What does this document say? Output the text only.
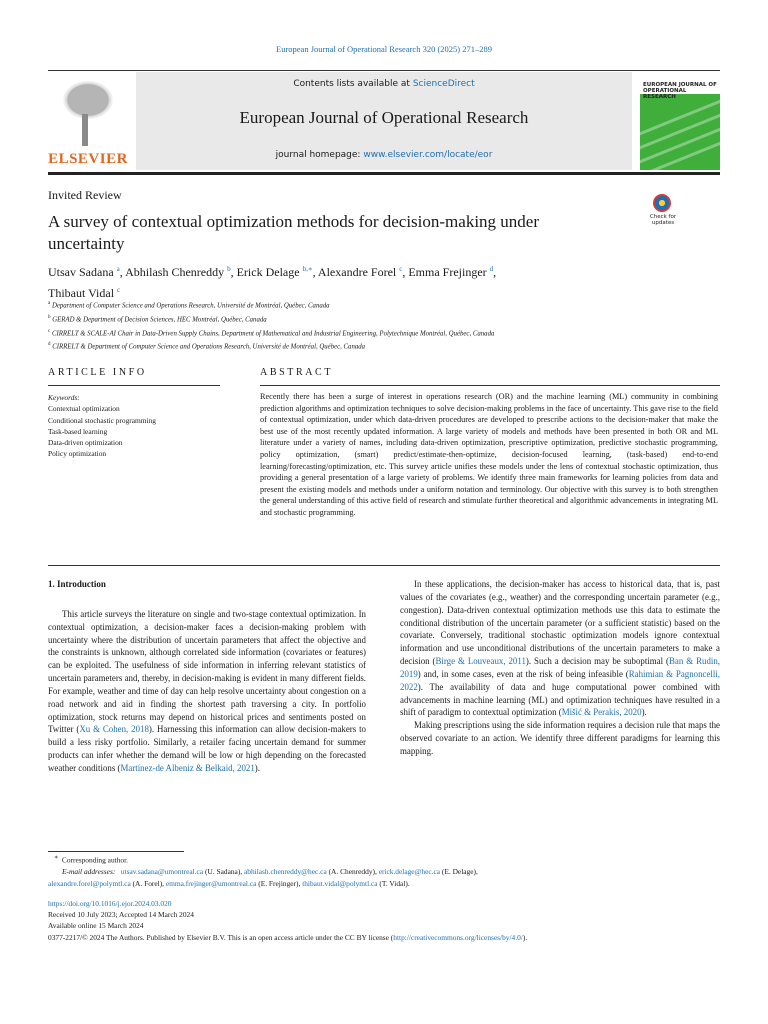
European Journal of Operational Research 320 (2025) 271–289
ELSEVIER
Contents lists available at ScienceDirect
European Journal of Operational Research
journal homepage: www.elsevier.com/locate/eor
EUROPEAN JOURNAL OF OPERATIONAL RESEARCH
Invited Review
A survey of contextual optimization methods for decision-making under uncertainty
Check for updates
Utsav Sadana $^a$, Abhilash Chenreddy $^b$, Erick Delage $^{b,∗}$, Alexandre Forel $^c$, Emma Frejinger $^d$,
Thibaut Vidal $^c$
$^a$ Department of Computer Science and Operations Research, Université de Montréal, Québec, Canada
$^b$ GERAD & Department of Decision Sciences, HEC Montréal, Québec, Canada
$^c$ CIRRELT & SCALE-AI Chair in Data-Driven Supply Chains, Department of Mathematical and Industrial Engineering, Polytechnique Montréal, Québec, Canada
$^d$ CIRRELT & Department of Computer Science and Operations Research, Université de Montréal, Québec, Canada
ARTICLE INFO	ABSTRACT
Keywords:
Contextual optimization
Conditional stochastic programming
Task-based learning
Data-driven optimization
Policy optimization
Recently there has been a surge of interest in operations research (OR) and the machine learning (ML) community in combining prediction algorithms and optimization techniques to solve decision-making problems in the face of uncertainty. This gave rise to the field of contextual optimization, under which data-driven procedures are developed to prescribe actions to the decision-maker that make the best use of the most recently updated information. A large variety of models and methods have been presented in both OR and ML literature under a variety of names, including data-driven optimization, prescriptive optimization, predictive stochastic programming, policy optimization, (smart) predict/estimate-then-optimize, decision-focused learning, (task-based) end-to-end learning/forecasting/optimization, etc. This survey article unifies these models under the lens of contextual stochastic optimization, thus providing a general presentation of a large variety of problems. We identify three main frameworks for learning policies from data and present the existing models and methods under a uniform notation and terminology. Our objective with this survey is to both strengthen the general understanding of this active field of research and stimulate further theoretical and algorithmic advancements in integrating ML and stochastic programming.

1. Introduction

This article surveys the literature on single and two-stage contextual optimization. In contextual optimization, a decision-maker faces a decision-making problem with uncertainty where the distribution of uncertain parameters that affect the objective and the constraints is unknown, although correlated side information (covariates or features) can be exploited. The usefulness of side information in inferring relevant statistics of uncertain parameters and, thereby, in decision-making is evident in many different fields. For example, weather and time of day can help resolve uncertainty about congestion on a road network and aid in finding the shortest path traversing a city. In portfolio optimization, stock returns may depend on historical prices and sentiments posted on Twitter (Xu & Cohen, 2018). Harnessing this information can allow decision-makers to build a less risky portfolio. Similarly, a retailer facing uncertain demand for summer products can infer whether the demand will be low or high depending on the forecasted weather conditions (Martínez-de Albeniz & Belkaid, 2021).

In these applications, the decision-maker has access to historical data, that is, past values of the covariates (e.g., weather) and the corresponding uncertain parameter (e.g., congestion). Data-driven contextual optimization methods use this data to estimate the conditional distribution of the uncertain parameter (or a sufficient statistic) based on the covariate. Conversely, traditional stochastic optimization models ignore contextual information and use unconditional distributions of the uncertain parameters to make a decision (Birge & Louveaux, 2011). Such a decision may be suboptimal (Ban & Rudin, 2019) and, in some cases, even at the risk of being infeasible (Rahimian & Pagnoncelli, 2022). The availability of data and huge computational power combined with advancements in machine learning (ML) and optimization techniques have resulted in a shift of paradigm to contextual optimization (Mišić & Perakis, 2020).

Making prescriptions using the side information requires a decision rule that maps the observed covariate to an action. We identify three different paradigms for learning this mapping.

∗ Corresponding author.
E-mail addresses: utsav.sadana@umontreal.ca (U. Sadana), abhilash.chenreddy@hec.ca (A. Chenreddy), erick.delage@hec.ca (E. Delage),
alexandre.forel@polymtl.ca (A. Forel), emma.frejinger@umontreal.ca (E. Frejinger), thibaut.vidal@polymtl.ca (T. Vidal).
https://doi.org/10.1016/j.ejor.2024.03.020
Received 10 July 2023; Accepted 14 March 2024
Available online 15 March 2024
0377-2217/© 2024 The Authors. Published by Elsevier B.V. This is an open access article under the CC BY license (http://creativecommons.org/licenses/by/4.0/).
